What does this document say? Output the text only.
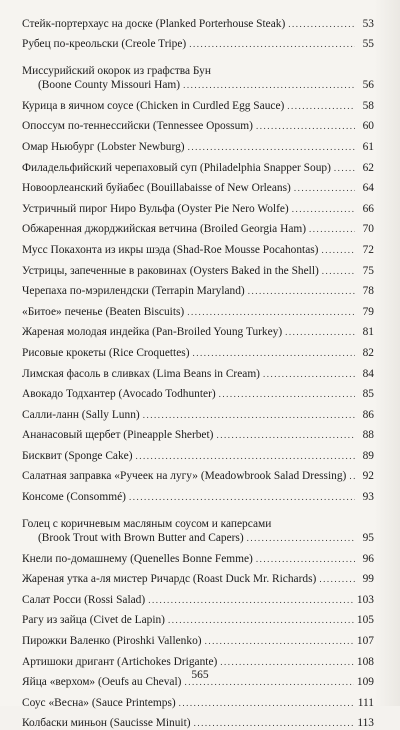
Стейк-портерхаус на доске (Planked Porterhouse Steak) .....	53
Рубец по-креольски (Creole Tripe) .....	55
Миссурийский окорок из графства Бун
(Boone County Missouri Ham) .....	56
Курица в яичном соусе (Chicken in Curdled Egg Sauce) .....	58
Опоссум по-теннессийски (Tennessee Opossum) .....	60
Омар Ньюбург (Lobster Newburg) .....	61
Филадельфийский черепаховый суп (Philadelphia Snapper Soup) .....	62
Новоорлеанский буйабес (Bouillabaisse of New Orleans) .....	64
Устричный пирог Ниро Вульфа (Oyster Pie Nero Wolfe) .....	66
Обжаренная джорджийская ветчина (Broiled Georgia Ham) .....	70
Мусс Покахонта из икры шэда (Shad-Roe Mousse Pocahontas) .....	72
Устрицы, запеченные в раковинах (Oysters Baked in the Shell) .....	75
Черепаха по-мэрилендски (Terrapin Maryland) .....	78
«Битое» печенье (Beaten Biscuits) .....	79
Жареная молодая индейка (Pan-Broiled Young Turkey) .....	81
Рисовые крокеты (Rice Croquettes) .....	82
Лимская фасоль в сливках (Lima Beans in Cream) .....	84
Авокадо Тодхантер (Avocado Todhunter) .....	85
Салли-ланн (Sally Lunn) .....	86
Ананасовый щербет (Pineapple Sherbet) .....	88
Бисквит (Sponge Cake) .....	89
Салатная заправка «Ручеек на лугу» (Meadowbrook Salad Dressing) .....	92
Консоме (Consommé) .....	93
Голец с коричневым масляным соусом и каперсами
(Brook Trout with Brown Butter and Capers) .....	95
Кнели по-домашнему (Quenelles Bonne Femme) .....	96
Жареная утка а-ля мистер Ричардс (Roast Duck Mr. Richards) .....	99
Салат Росси (Rossi Salad) .....	103
Рагу из зайца (Civet de Lapin) .....	105
Пирожки Валенко (Piroshki Vallenko) .....	107
Артишоки дригант (Artichokes Drigante) .....	108
Яйца «верхом» (Oeufs au Cheval) .....	109
Соус «Весна» (Sauce Printemps) .....	111
Колбаски миньон (Saucisse Minuit) .....	113
565
